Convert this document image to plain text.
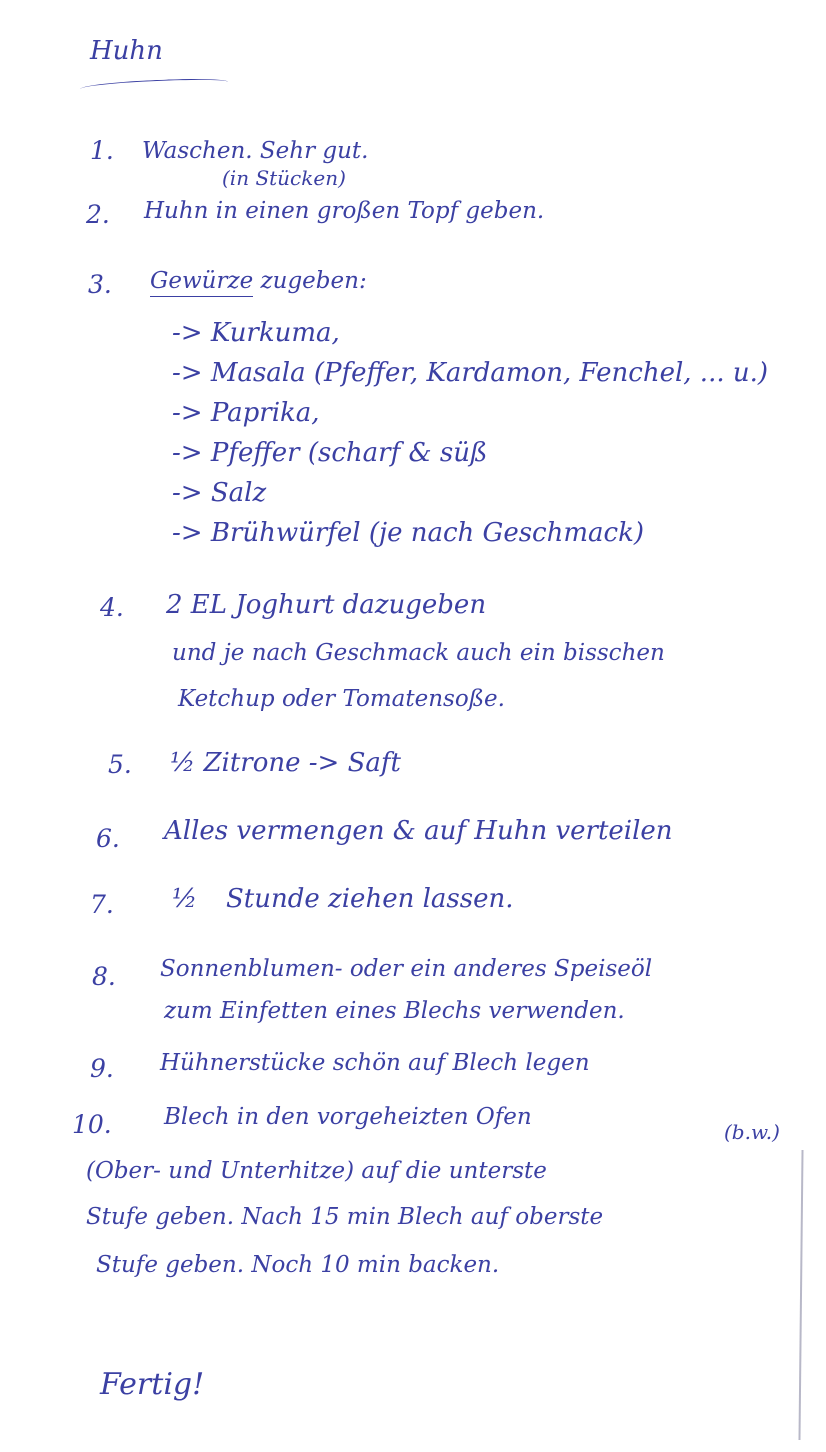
Huhn
1. Waschen. Sehr gut.
(in Stücken)
2. Huhn in einen großen Topf geben.
3. Gewürze zugeben:
-> Kurkuma,
-> Masala (Pfeffer, Kardamon, Fenchel, ... u.)
-> Paprika,
-> Pfeffer (scharf & süß
-> Salz
-> Brühwürfel (je nach Geschmack)
4. 2 EL Joghurt dazugeben
und je nach Geschmack auch ein bisschen
Ketchup oder Tomatensoße.
5. ½ Zitrone -> Saft
6. Alles vermengen & auf Huhn verteilen
7. ½ Stunde ziehen lassen.
8. Sonnenblumen- oder ein anderes Speiseöl
zum Einfetten eines Blechs verwenden.
9. Hühnerstücke schön auf Blech legen
10. Blech in den vorgeheizten Ofen
(Ober- und Unterhitze) auf die unterste
Stufe geben. Nach 15 min Blech auf oberste
Stufe geben. Noch 10 min backen.
(b.w.)
Fertig!
